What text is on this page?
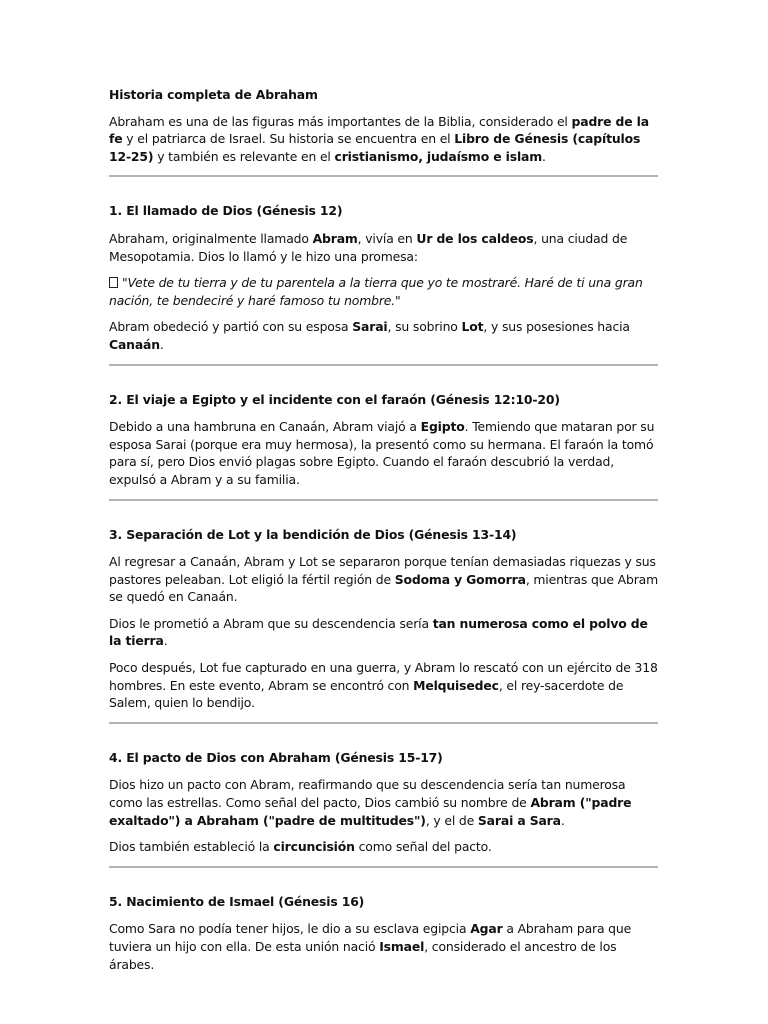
Historia completa de Abraham

Abraham es una de las figuras más importantes de la Biblia, considerado el padre de la fe y el patriarca de Israel. Su historia se encuentra en el Libro de Génesis (capítulos 12-25) y también es relevante en el cristianismo, judaísmo e islam.

1. El llamado de Dios (Génesis 12)

Abraham, originalmente llamado Abram, vivía en Ur de los caldeos, una ciudad de Mesopotamia. Dios lo llamó y le hizo una promesa:

"Vete de tu tierra y de tu parentela a la tierra que yo te mostraré. Haré de ti una gran nación, te bendeciré y haré famoso tu nombre."

Abram obedeció y partió con su esposa Sarai, su sobrino Lot, y sus posesiones hacia Canaán.

2. El viaje a Egipto y el incidente con el faraón (Génesis 12:10-20)

Debido a una hambruna en Canaán, Abram viajó a Egipto. Temiendo que mataran por su esposa Sarai (porque era muy hermosa), la presentó como su hermana. El faraón la tomó para sí, pero Dios envió plagas sobre Egipto. Cuando el faraón descubrió la verdad, expulsó a Abram y a su familia.

3. Separación de Lot y la bendición de Dios (Génesis 13-14)

Al regresar a Canaán, Abram y Lot se separaron porque tenían demasiadas riquezas y sus pastores peleaban. Lot eligió la fértil región de Sodoma y Gomorra, mientras que Abram se quedó en Canaán.

Dios le prometió a Abram que su descendencia sería tan numerosa como el polvo de la tierra.

Poco después, Lot fue capturado en una guerra, y Abram lo rescató con un ejército de 318 hombres. En este evento, Abram se encontró con Melquisedec, el rey-sacerdote de Salem, quien lo bendijo.

4. El pacto de Dios con Abraham (Génesis 15-17)

Dios hizo un pacto con Abram, reafirmando que su descendencia sería tan numerosa como las estrellas. Como señal del pacto, Dios cambió su nombre de Abram ("padre exaltado") a Abraham ("padre de multitudes"), y el de Sarai a Sara.

Dios también estableció la circuncisión como señal del pacto.

5. Nacimiento de Ismael (Génesis 16)

Como Sara no podía tener hijos, le dio a su esclava egipcia Agar a Abraham para que tuviera un hijo con ella. De esta unión nació Ismael, considerado el ancestro de los árabes.
